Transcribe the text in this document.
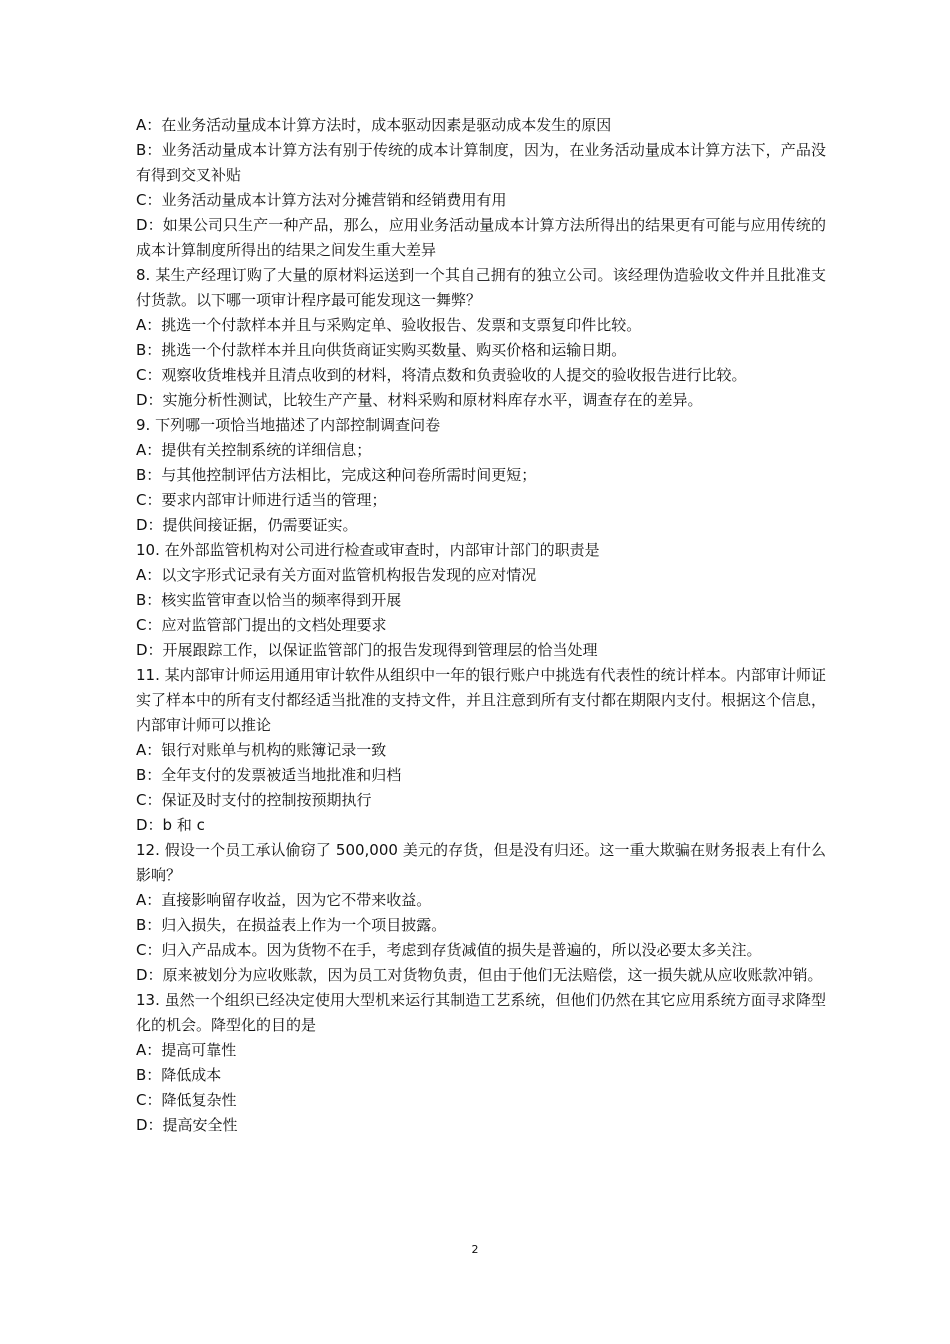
A：在业务活动量成本计算方法时，成本驱动因素是驱动成本发生的原因

B：业务活动量成本计算方法有别于传统的成本计算制度，因为，在业务活动量成本计算方法下，产品没有得到交叉补贴

C：业务活动量成本计算方法对分摊营销和经销费用有用

D：如果公司只生产一种产品，那么，应用业务活动量成本计算方法所得出的结果更有可能与应用传统的成本计算制度所得出的结果之间发生重大差异

8. 某生产经理订购了大量的原材料运送到一个其自己拥有的独立公司。该经理伪造验收文件并且批准支付货款。以下哪一项审计程序最可能发现这一舞弊？

A：挑选一个付款样本并且与采购定单、验收报告、发票和支票复印件比较。

B：挑选一个付款样本并且向供货商证实购买数量、购买价格和运输日期。

C：观察收货堆栈并且清点收到的材料，将清点数和负责验收的人提交的验收报告进行比较。

D：实施分析性测试，比较生产产量、材料采购和原材料库存水平，调查存在的差异。

9. 下列哪一项恰当地描述了内部控制调查问卷

A：提供有关控制系统的详细信息；

B：与其他控制评估方法相比，完成这种问卷所需时间更短；

C：要求内部审计师进行适当的管理；

D：提供间接证据，仍需要证实。

10. 在外部监管机构对公司进行检查或审查时，内部审计部门的职责是

A：以文字形式记录有关方面对监管机构报告发现的应对情况

B：核实监管审查以恰当的频率得到开展

C：应对监管部门提出的文档处理要求

D：开展跟踪工作，以保证监管部门的报告发现得到管理层的恰当处理

11. 某内部审计师运用通用审计软件从组织中一年的银行账户中挑选有代表性的统计样本。内部审计师证实了样本中的所有支付都经适当批准的支持文件，并且注意到所有支付都在期限内支付。根据这个信息，内部审计师可以推论

A：银行对账单与机构的账簿记录一致

B：全年支付的发票被适当地批准和归档

C：保证及时支付的控制按预期执行

D：b 和 c

12. 假设一个员工承认偷窃了 500,000 美元的存货，但是没有归还。这一重大欺骗在财务报表上有什么影响？

A：直接影响留存收益，因为它不带来收益。

B：归入损失，在损益表上作为一个项目披露。

C：归入产品成本。因为货物不在手，考虑到存货减值的损失是普遍的，所以没必要太多关注。

D：原来被划分为应收账款，因为员工对货物负责，但由于他们无法赔偿，这一损失就从应收账款冲销。

13. 虽然一个组织已经决定使用大型机来运行其制造工艺系统，但他们仍然在其它应用系统方面寻求降型化的机会。降型化的目的是

A：提高可靠性

B：降低成本

C：降低复杂性

D：提高安全性

2
